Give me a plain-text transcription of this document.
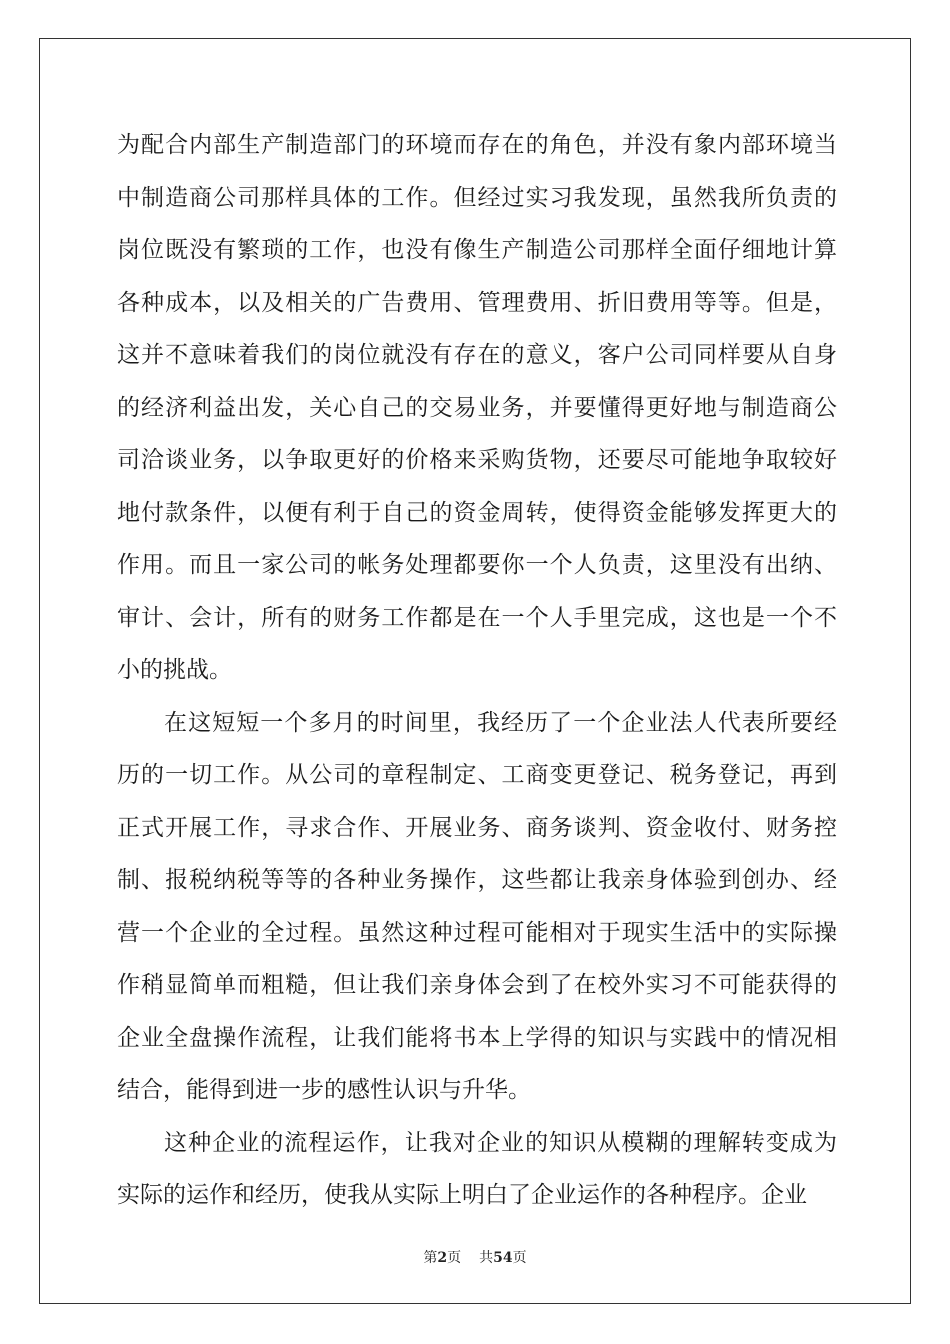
为配合内部生产制造部门的环境而存在的角色，并没有象内部环境当
中制造商公司那样具体的工作。但经过实习我发现，虽然我所负责的
岗位既没有繁琐的工作，也没有像生产制造公司那样全面仔细地计算
各种成本，以及相关的广告费用、管理费用、折旧费用等等。但是，
这并不意味着我们的岗位就没有存在的意义，客户公司同样要从自身
的经济利益出发，关心自己的交易业务，并要懂得更好地与制造商公
司洽谈业务，以争取更好的价格来采购货物，还要尽可能地争取较好
地付款条件，以便有利于自己的资金周转，使得资金能够发挥更大的
作用。而且一家公司的帐务处理都要你一个人负责，这里没有出纳、
审计、会计，所有的财务工作都是在一个人手里完成，这也是一个不
小的挑战。
在这短短一个多月的时间里，我经历了一个企业法人代表所要经
历的一切工作。从公司的章程制定、工商变更登记、税务登记，再到
正式开展工作，寻求合作、开展业务、商务谈判、资金收付、财务控
制、报税纳税等等的各种业务操作，这些都让我亲身体验到创办、经
营一个企业的全过程。虽然这种过程可能相对于现实生活中的实际操
作稍显简单而粗糙，但让我们亲身体会到了在校外实习不可能获得的
企业全盘操作流程，让我们能将书本上学得的知识与实践中的情况相
结合，能得到进一步的感性认识与升华。
这种企业的流程运作，让我对企业的知识从模糊的理解转变成为
实际的运作和经历，使我从实际上明白了企业运作的各种程序。企业
第2页 共54页
